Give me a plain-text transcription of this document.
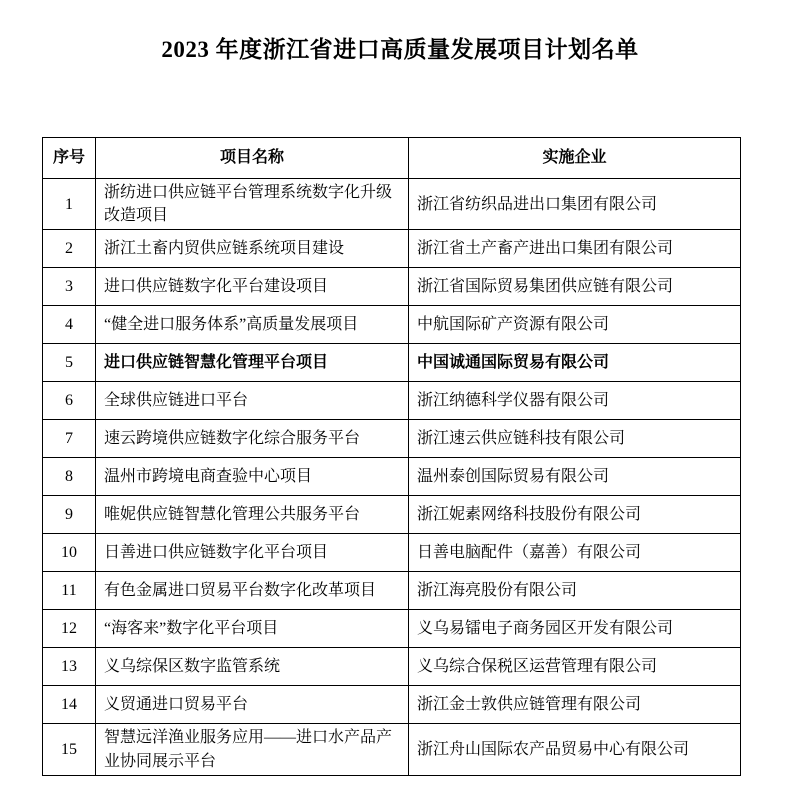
2023 年度浙江省进口高质量发展项目计划名单
序号	项目名称	实施企业
1	浙纺进口供应链平台管理系统数字化升级改造项目	浙江省纺织品进出口集团有限公司
2	浙江土畜内贸供应链系统项目建设	浙江省土产畜产进出口集团有限公司
3	进口供应链数字化平台建设项目	浙江省国际贸易集团供应链有限公司
4	“健全进口服务体系”高质量发展项目	中航国际矿产资源有限公司
5	进口供应链智慧化管理平台项目	中国诚通国际贸易有限公司
6	全球供应链进口平台	浙江纳德科学仪器有限公司
7	速云跨境供应链数字化综合服务平台	浙江速云供应链科技有限公司
8	温州市跨境电商查验中心项目	温州泰创国际贸易有限公司
9	唯妮供应链智慧化管理公共服务平台	浙江妮素网络科技股份有限公司
10	日善进口供应链数字化平台项目	日善电脑配件（嘉善）有限公司
11	有色金属进口贸易平台数字化改革项目	浙江海亮股份有限公司
12	“海客来”数字化平台项目	义乌易镭电子商务园区开发有限公司
13	义乌综保区数字监管系统	义乌综合保税区运营管理有限公司
14	义贸通进口贸易平台	浙江金士敦供应链管理有限公司
15	智慧远洋渔业服务应用——进口水产品产业协同展示平台	浙江舟山国际农产品贸易中心有限公司
